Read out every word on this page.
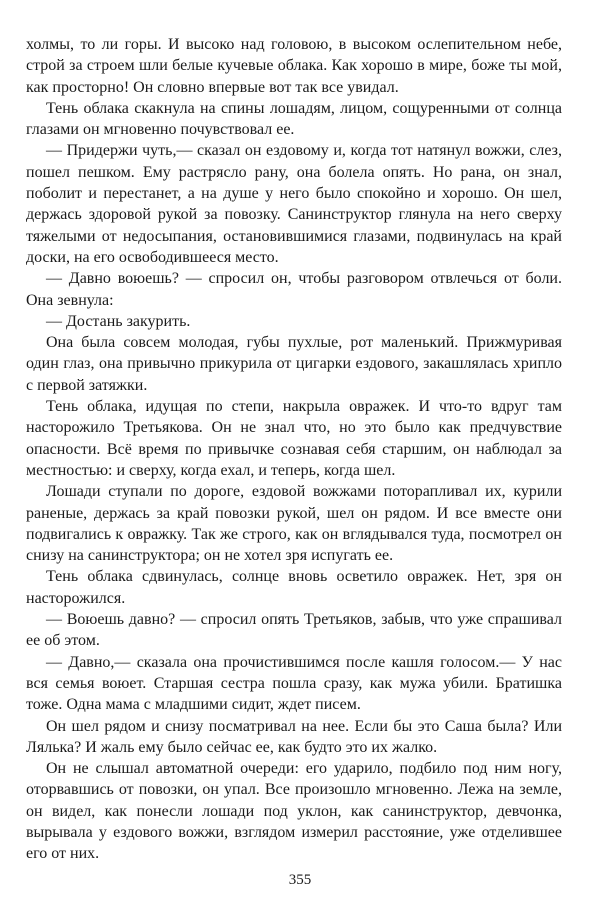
холмы, то ли горы. И высоко над головою, в высоком ослепительном небе, строй за строем шли белые кучевые облака. Как хорошо в мире, боже ты мой, как просторно! Он словно впервые вот так все увидал.

Тень облака скакнула на спины лошадям, лицом, сощуренными от солнца глазами он мгновенно почувствовал ее.

— Придержи чуть,— сказал он ездовому и, когда тот натянул вожжи, слез, пошел пешком. Ему растрясло рану, она болела опять. Но рана, он знал, поболит и перестанет, а на душе у него было спокойно и хорошо. Он шел, держась здоровой рукой за повозку. Санинструктор глянула на него сверху тяжелыми от недосыпания, остановившимися глазами, подвинулась на край доски, на его освободившееся место.

— Давно воюешь? — спросил он, чтобы разговором отвлечься от боли. Она зевнула:

— Достань закурить.

Она была совсем молодая, губы пухлые, рот маленький. Прижмуривая один глаз, она привычно прикурила от цигарки ездового, закашлялась хрипло с первой затяжки.

Тень облака, идущая по степи, накрыла овражек. И что-то вдруг там насторожило Третьякова. Он не знал что, но это было как предчувствие опасности. Всё время по привычке сознавая себя старшим, он наблюдал за местностью: и сверху, когда ехал, и теперь, когда шел.

Лошади ступали по дороге, ездовой вожжами поторапливал их, курили раненые, держась за край повозки рукой, шел он рядом. И все вместе они подвигались к овражку. Так же строго, как он вглядывался туда, посмотрел он снизу на санинструктора; он не хотел зря испугать ее.

Тень облака сдвинулась, солнце вновь осветило овражек. Нет, зря он насторожился.

— Воюешь давно? — спросил опять Третьяков, забыв, что уже спрашивал ее об этом.

— Давно,— сказала она прочистившимся после кашля голосом.— У нас вся семья воюет. Старшая сестра пошла сразу, как мужа убили. Братишка тоже. Одна мама с младшими сидит, ждет писем.

Он шел рядом и снизу посматривал на нее. Если бы это Саша была? Или Лялька? И жаль ему было сейчас ее, как будто это их жалко.

Он не слышал автоматной очереди: его ударило, подбило под ним ногу, оторвавшись от повозки, он упал. Все произошло мгновенно. Лежа на земле, он видел, как понесли лошади под уклон, как санинструктор, девчонка, вырывала у ездового вожжи, взглядом измерил расстояние, уже отделившее его от них.

355
